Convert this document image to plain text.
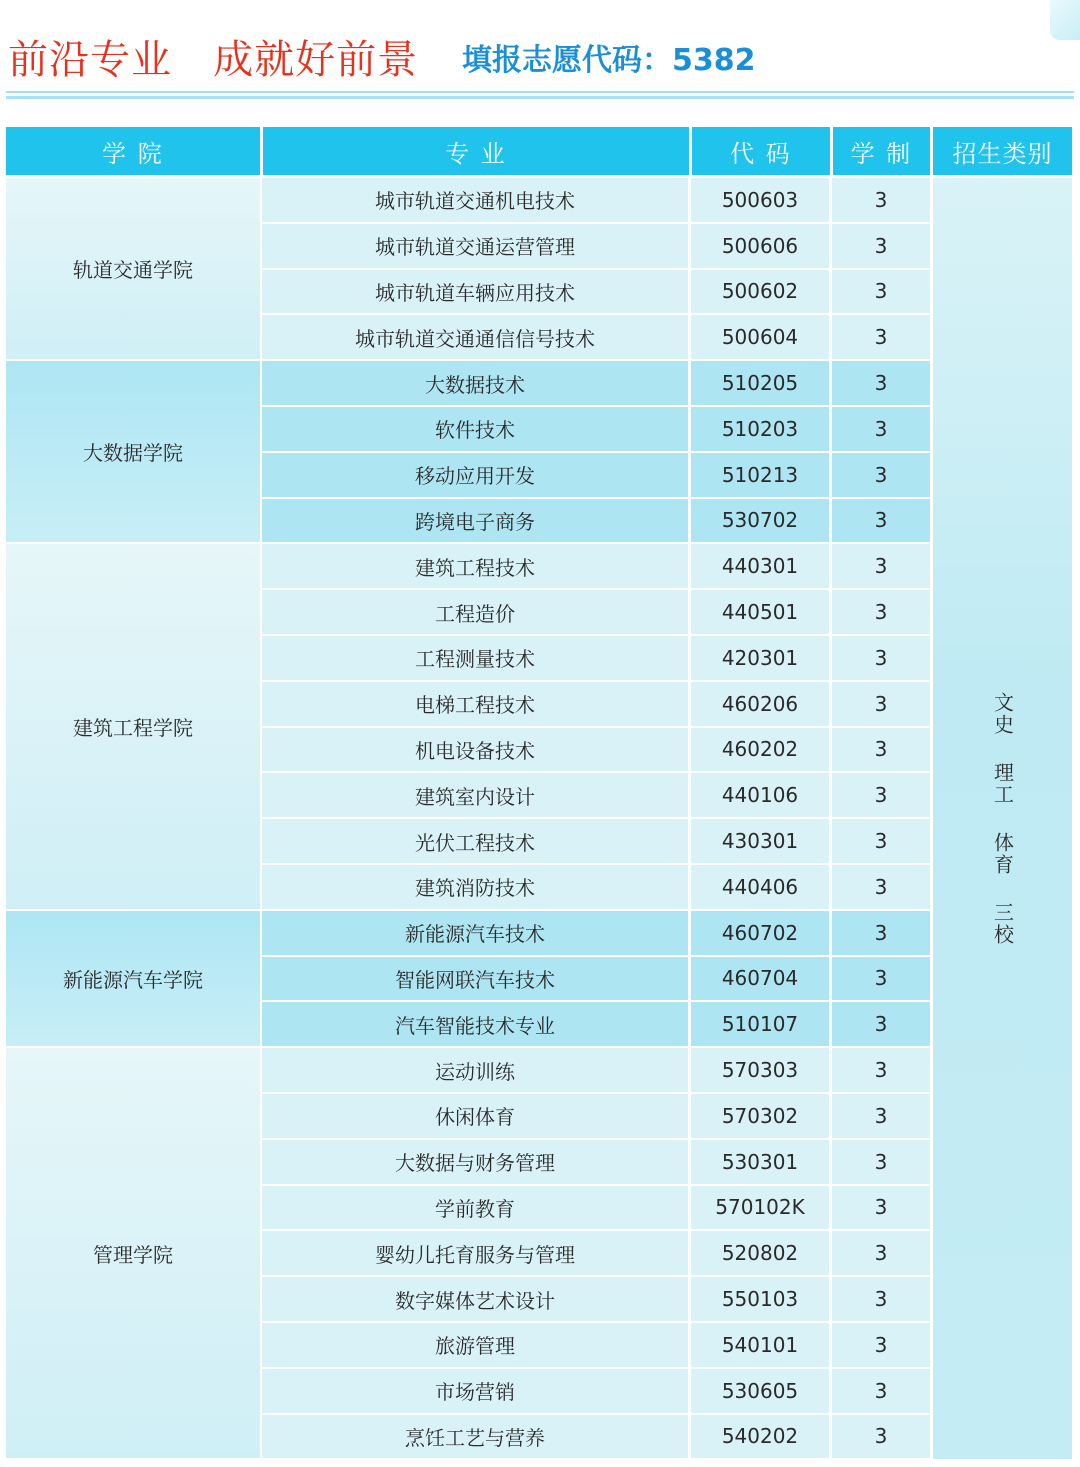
前沿专业   成就好前景 填报志愿代码：5382
学 院	专 业	代 码	学 制	招生类别
文史 理工 体育 三校
轨道交通学院
城市轨道交通机电技术	500603	3
城市轨道交通运营管理	500606	3
城市轨道车辆应用技术	500602	3
城市轨道交通通信信号技术	500604	3
大数据学院
大数据技术	510205	3
软件技术	510203	3
移动应用开发	510213	3
跨境电子商务	530702	3
建筑工程学院
建筑工程技术	440301	3
工程造价	440501	3
工程测量技术	420301	3
电梯工程技术	460206	3
机电设备技术	460202	3
建筑室内设计	440106	3
光伏工程技术	430301	3
建筑消防技术	440406	3
新能源汽车学院
新能源汽车技术	460702	3
智能网联汽车技术	460704	3
汽车智能技术专业	510107	3
管理学院
运动训练	570303	3
休闲体育	570302	3
大数据与财务管理	530301	3
学前教育	570102K	3
婴幼儿托育服务与管理	520802	3
数字媒体艺术设计	550103	3
旅游管理	540101	3
市场营销	530605	3
烹饪工艺与营养	540202	3
